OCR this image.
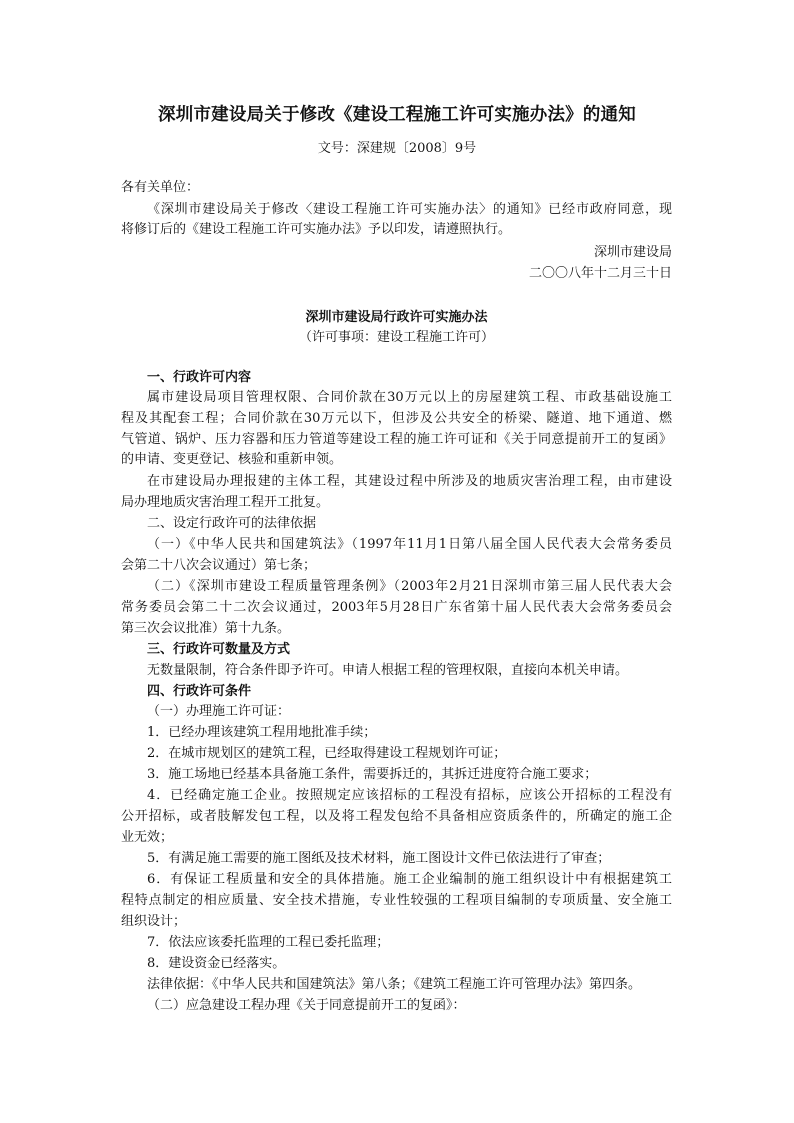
深圳市建设局关于修改《建设工程施工许可实施办法》的通知
文号：深建规〔2008〕9号
各有关单位：
《深圳市建设局关于修改〈建设工程施工许可实施办法〉的通知》已经市政府同意，现
将修订后的《建设工程施工许可实施办法》予以印发，请遵照执行。
深圳市建设局
二〇〇八年十二月三十日
深圳市建设局行政许可实施办法
（许可事项：建设工程施工许可）
一、行政许可内容
属市建设局项目管理权限、合同价款在30万元以上的房屋建筑工程、市政基础设施工
程及其配套工程；合同价款在30万元以下，但涉及公共安全的桥梁、隧道、地下通道、燃
气管道、锅炉、压力容器和压力管道等建设工程的施工许可证和《关于同意提前开工的复函》
的申请、变更登记、核验和重新申领。
在市建设局办理报建的主体工程，其建设过程中所涉及的地质灾害治理工程，由市建设
局办理地质灾害治理工程开工批复。
二、设定行政许可的法律依据
（一）《中华人民共和国建筑法》（1997年11月1日第八届全国人民代表大会常务委员
会第二十八次会议通过）第七条；
（二）《深圳市建设工程质量管理条例》（2003年2月21日深圳市第三届人民代表大会
常务委员会第二十二次会议通过，2003年5月28日广东省第十届人民代表大会常务委员会
第三次会议批准）第十九条。
三、行政许可数量及方式
无数量限制，符合条件即予许可。申请人根据工程的管理权限，直接向本机关申请。
四、行政许可条件
（一）办理施工许可证：
1．已经办理该建筑工程用地批准手续；
2．在城市规划区的建筑工程，已经取得建设工程规划许可证；
3．施工场地已经基本具备施工条件，需要拆迁的，其拆迁进度符合施工要求；
4．已经确定施工企业。按照规定应该招标的工程没有招标，应该公开招标的工程没有
公开招标，或者肢解发包工程，以及将工程发包给不具备相应资质条件的，所确定的施工企
业无效；
5．有满足施工需要的施工图纸及技术材料，施工图设计文件已依法进行了审查；
6．有保证工程质量和安全的具体措施。施工企业编制的施工组织设计中有根据建筑工
程特点制定的相应质量、安全技术措施，专业性较强的工程项目编制的专项质量、安全施工
组织设计；
7．依法应该委托监理的工程已委托监理；
8．建设资金已经落实。
法律依据：《中华人民共和国建筑法》第八条；《建筑工程施工许可管理办法》第四条。
（二）应急建设工程办理《关于同意提前开工的复函》：
